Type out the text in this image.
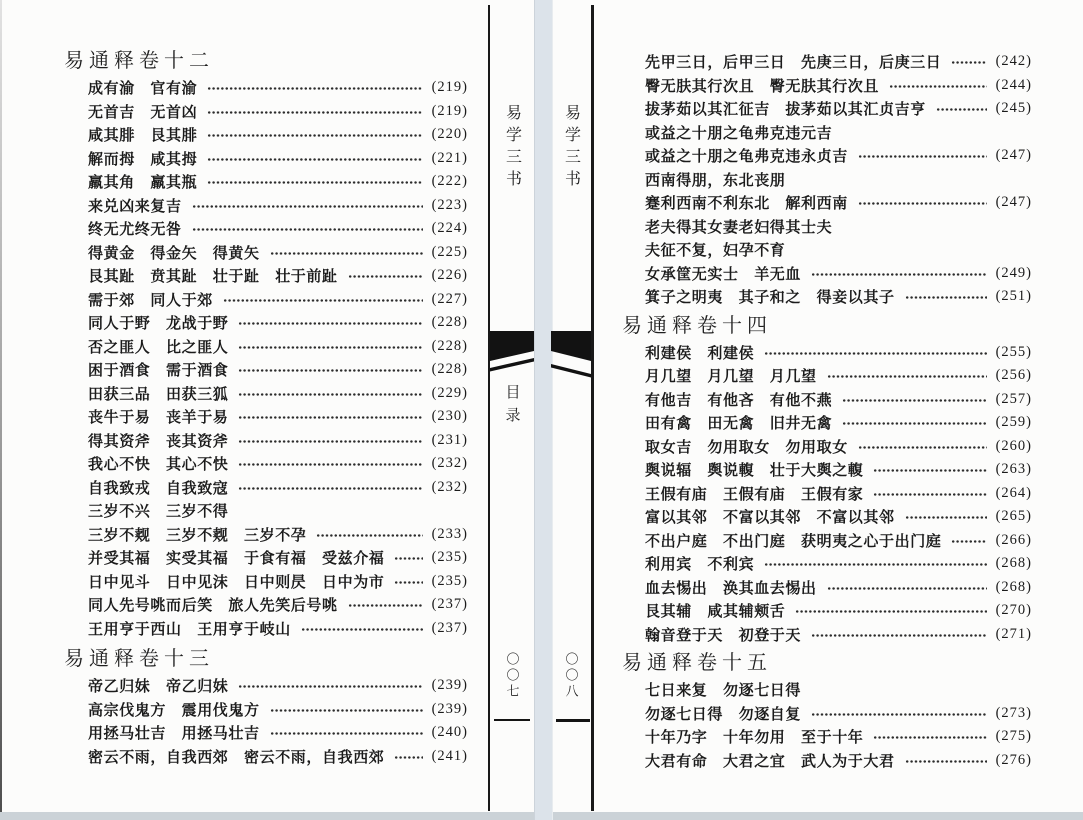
易通释卷十二
成有渝　官有渝	(219)
无首吉　无首凶	(219)
咸其腓　艮其腓	(220)
解而拇　咸其拇	(221)
羸其角　羸其瓶	(222)
来兑凶来复吉	(223)
终无尤终无咎	(224)
得黄金　得金矢　得黄矢	(225)
艮其趾　贲其趾　壮于趾　壮于前趾	(226)
需于郊　同人于郊	(227)
同人于野　龙战于野	(228)
否之匪人　比之匪人	(228)
困于酒食　需于酒食	(228)
田获三品　田获三狐	(229)
丧牛于易　丧羊于易	(230)
得其资斧　丧其资斧	(231)
我心不快　其心不快	(232)
自我致戎　自我致寇	(232)
三岁不兴　三岁不得
三岁不觌　三岁不觌　三岁不孕	(233)
并受其福　实受其福　于食有福　受兹介福	(235)
日中见斗　日中见沫　日中则昃　日中为市	(235)
同人先号咷而后笑　旅人先笑后号咷	(237)
王用亨于西山　王用亨于岐山	(237)
易通释卷十三
帝乙归妹　帝乙归妹	(239)
高宗伐鬼方　震用伐鬼方	(239)
用拯马壮吉　用拯马壮吉	(240)
密云不雨，自我西郊　密云不雨，自我西郊	(241)
先甲三日，后甲三日　先庚三日，后庚三日	(242)
臀无肤其行次且　臀无肤其行次且	(244)
拔茅茹以其汇征吉　拔茅茹以其汇贞吉亨	(245)
或益之十朋之龟弗克违元吉
或益之十朋之龟弗克违永贞吉	(247)
西南得朋，东北丧朋
蹇利西南不利东北　解利西南	(247)
老夫得其女妻老妇得其士夫
夫征不复，妇孕不育
女承筐无实士　羊无血	(249)
箕子之明夷　其子和之　得妾以其子	(251)
易通释卷十四
利建侯　利建侯	(255)
月几望　月几望　月几望	(256)
有他吉　有他吝　有他不燕	(257)
田有禽　田无禽　旧井无禽	(259)
取女吉　勿用取女　勿用取女	(260)
舆说辐　舆说輹　壮于大舆之輹	(263)
王假有庙　王假有庙　王假有家	(264)
富以其邻　不富以其邻　不富以其邻	(265)
不出户庭　不出门庭　获明夷之心于出门庭	(266)
利用宾　不利宾	(268)
血去惕出　涣其血去惕出	(268)
艮其辅　咸其辅颊舌	(270)
翰音登于天　初登于天	(271)
易通释卷十五
七日来复　勿逐七日得
勿逐七日得　勿逐自复	(273)
十年乃字　十年勿用　至于十年	(275)
大君有命　大君之宜　武人为于大君	(276)
易学三书
目录
〇〇七
易学三书
〇〇八
